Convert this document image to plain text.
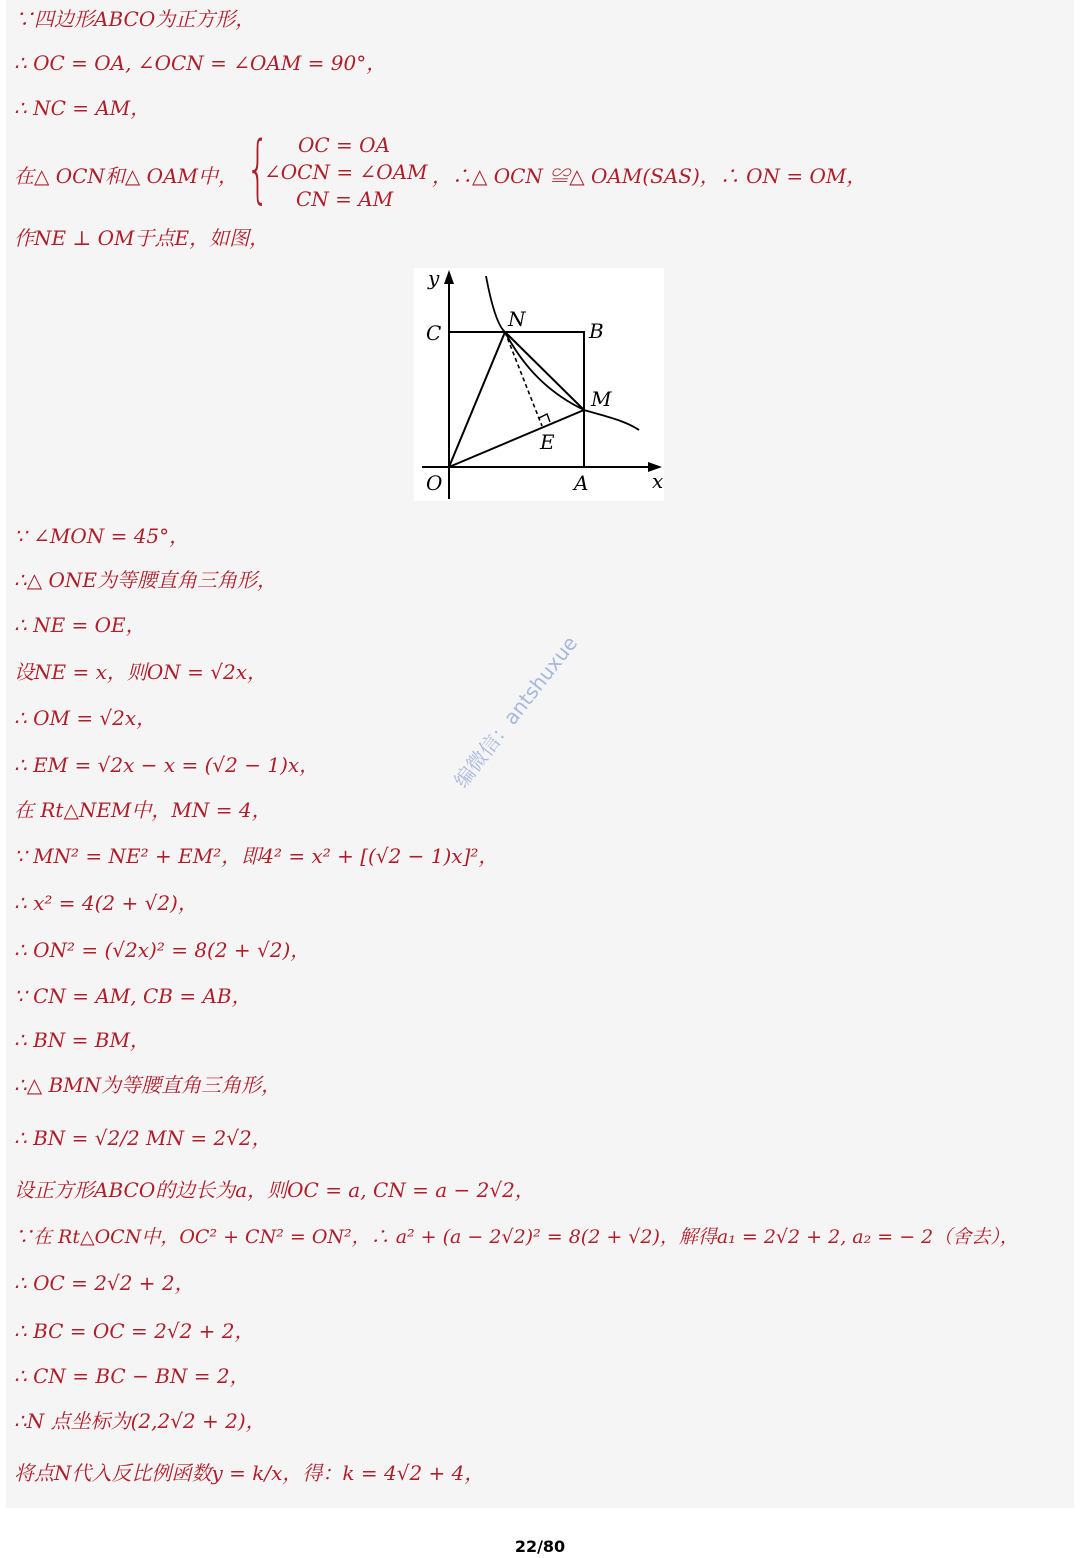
∵四边形ABCO为正方形，
∴ OC = OA, ∠OCN = ∠OAM = 90°，
∴ NC = AM，
在△ OCN和△ OAM中， { OC = OA
∠OCN = ∠OAM
CN = AM
，∴△ OCN ≌△ OAM(SAS)，∴ ON = OM，
作NE ⊥ OM于点E，如图，
∵ ∠MON = 45°，
∴△ ONE为等腰直角三角形，
∴ NE = OE，
设NE = x，则ON = √2x，
∴ OM = √2x，
∴ EM = √2x − x = (√2 − 1)x，
在 Rt△NEM中，MN = 4，
∵ MN² = NE² + EM²，即4² = x² + [(√2 − 1)x]²，
∴ x² = 4(2 + √2)，
∴ ON² = (√2x)² = 8(2 + √2)，
∵ CN = AM, CB = AB，
∴ BN = BM，
∴△ BMN为等腰直角三角形，
∴ BN = √2/2 MN = 2√2，
设正方形ABCO的边长为a，则OC = a, CN = a − 2√2，
∵在 Rt△OCN中，OC² + CN² = ON²，∴ a² + (a − 2√2)² = 8(2 + √2)，解得a₁ = 2√2 + 2, a₂ = − 2（舍去），
∴ OC = 2√2 + 2，
∴ BC = OC = 2√2 + 2，
∴ CN = BC − BN = 2，
∴N 点坐标为(2,2√2 + 2)，
将点N代入反比例函数y = k/x，得：k = 4√2 + 4，
编微信：antshuxue
y
x
O	A
B
C
N
M
E
22/80
